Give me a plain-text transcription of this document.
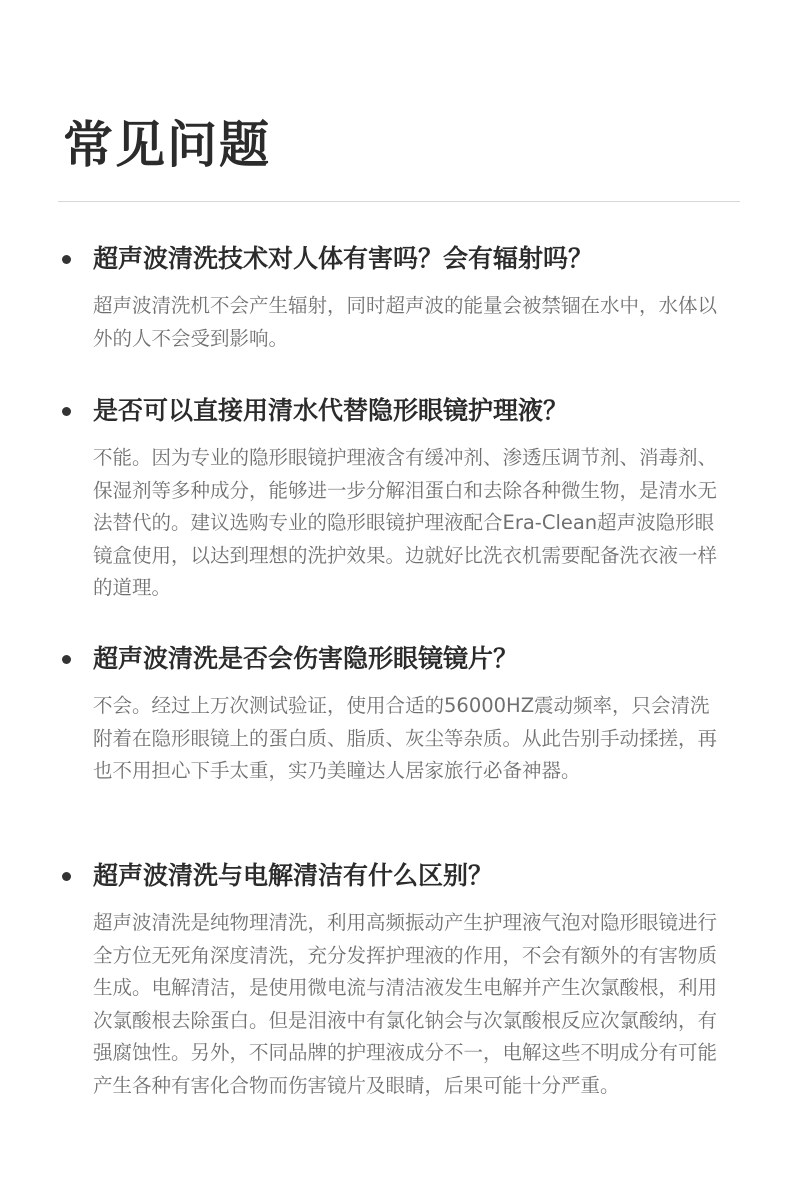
常见问题
超声波清洗技术对人体有害吗？会有辐射吗？

超声波清洗机不会产生辐射，同时超声波的能量会被禁锢在水中，水体以外的人不会受到影响。

是否可以直接用清水代替隐形眼镜护理液？

不能。因为专业的隐形眼镜护理液含有缓冲剂、渗透压调节剂、消毒剂、保湿剂等多种成分，能够进一步分解泪蛋白和去除各种微生物，是清水无法替代的。建议选购专业的隐形眼镜护理液配合Era-Clean超声波隐形眼镜盒使用，以达到理想的洗护效果。边就好比洗衣机需要配备洗衣液一样的道理。

超声波清洗是否会伤害隐形眼镜镜片？

不会。经过上万次测试验证，使用合适的56000HZ震动频率，只会清洗附着在隐形眼镜上的蛋白质、脂质、灰尘等杂质。从此告别手动揉搓，再也不用担心下手太重，实乃美瞳达人居家旅行必备神器。

超声波清洗与电解清洁有什么区别？

超声波清洗是纯物理清洗，利用高频振动产生护理液气泡对隐形眼镜进行全方位无死角深度清洗，充分发挥护理液的作用，不会有额外的有害物质生成。电解清洁，是使用微电流与清洁液发生电解并产生次氯酸根，利用次氯酸根去除蛋白。但是泪液中有氯化钠会与次氯酸根反应次氯酸纳，有强腐蚀性。另外，不同品牌的护理液成分不一，电解这些不明成分有可能产生各种有害化合物而伤害镜片及眼睛，后果可能十分严重。
